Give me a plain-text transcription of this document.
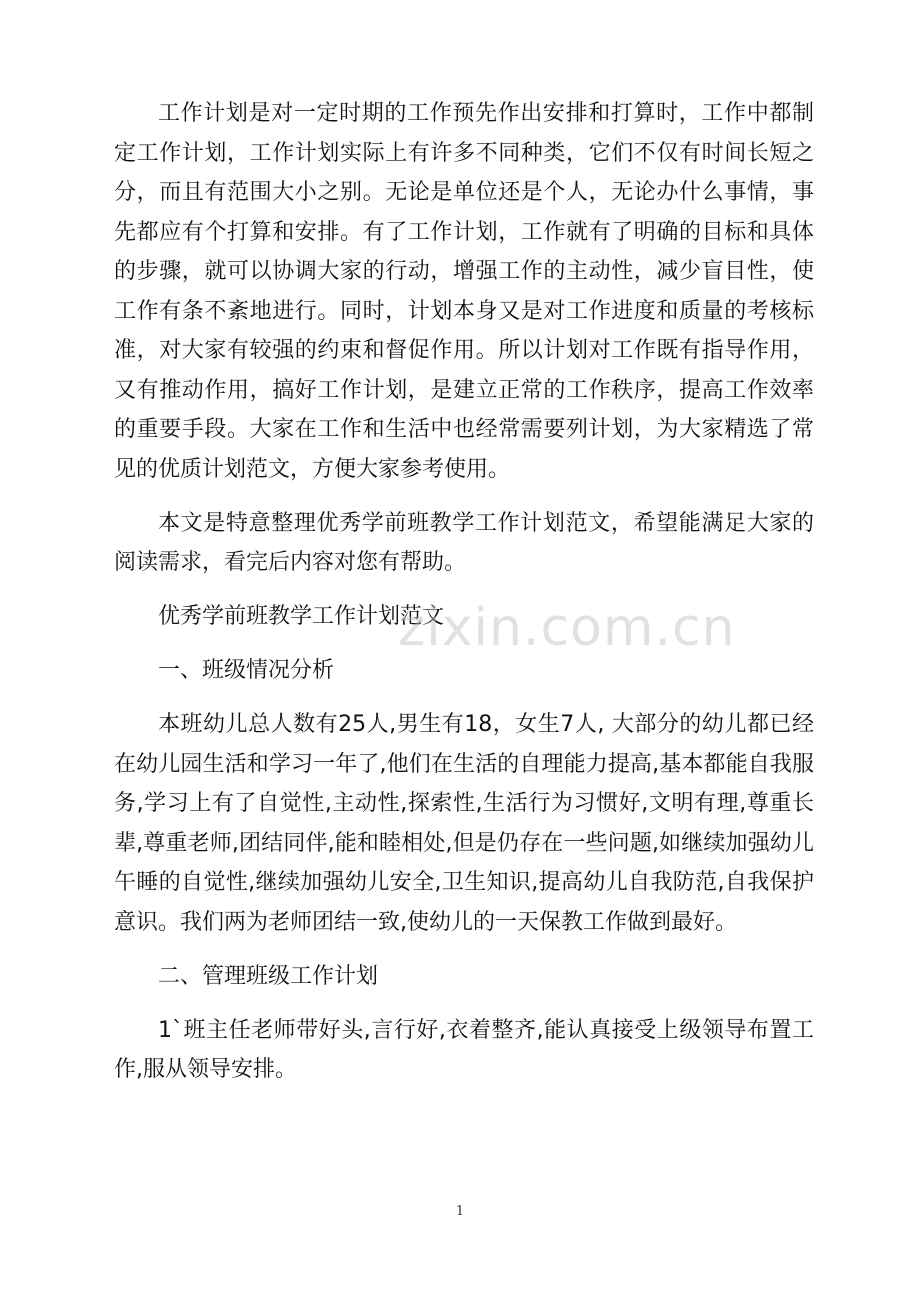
工作计划是对一定时期的工作预先作出安排和打算时，工作中都制定工作计划，工作计划实际上有许多不同种类，它们不仅有时间长短之分，而且有范围大小之别。无论是单位还是个人，无论办什么事情，事先都应有个打算和安排。有了工作计划，工作就有了明确的目标和具体的步骤，就可以协调大家的行动，增强工作的主动性，减少盲目性，使工作有条不紊地进行。同时，计划本身又是对工作进度和质量的考核标准，对大家有较强的约束和督促作用。所以计划对工作既有指导作用，又有推动作用，搞好工作计划，是建立正常的工作秩序，提高工作效率的重要手段。大家在工作和生活中也经常需要列计划，为大家精选了常见的优质计划范文，方便大家参考使用。

本文是特意整理优秀学前班教学工作计划范文，希望能满足大家的阅读需求，看完后内容对您有帮助。

优秀学前班教学工作计划范文

一、班级情况分析

本班幼儿总人数有25人,男生有18，女生7人, 大部分的幼儿都已经在幼儿园生活和学习一年了,他们在生活的自理能力提高,基本都能自我服务,学习上有了自觉性,主动性,探索性,生活行为习惯好,文明有理,尊重长辈,尊重老师,团结同伴,能和睦相处,但是仍存在一些问题,如继续加强幼儿午睡的自觉性,继续加强幼儿安全,卫生知识,提高幼儿自我防范,自我保护意识。我们两为老师团结一致,使幼儿的一天保教工作做到最好。

二、管理班级工作计划

1`班主任老师带好头,言行好,衣着整齐,能认真接受上级领导布置工作,服从领导安排。

zixin.com.cn
1
